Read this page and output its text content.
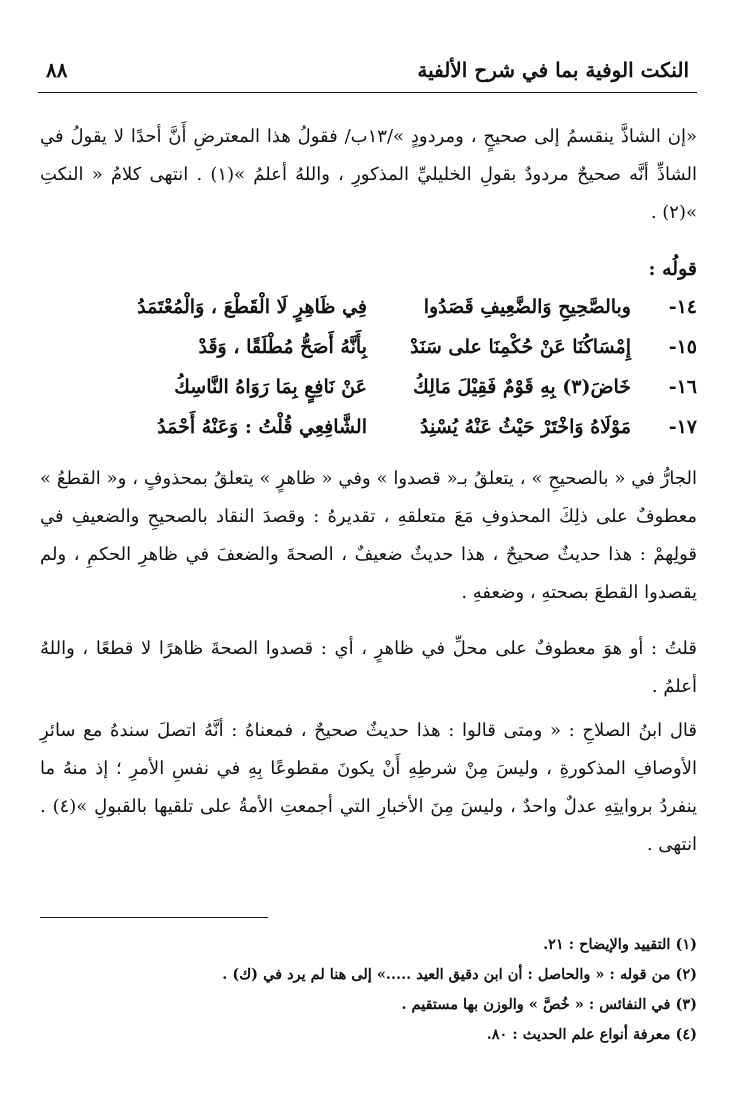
النكت الوفية بما في شرح الألفية
٨٨
«إن الشاذَّ ينقسمُ إلى صحيحٍ ، ومردودٍ »/١٣ب/ فقولُ هذا المعترضِ أَنَّ أحدًا لا يقولُ في الشاذِّ أنَّه صحيحٌ مردودٌ بقولِ الخليليِّ المذكورِ ، واللهُ أعلمُ »(١) . انتهى كلامُ « النكتِ »(٢) .
قولُه :
١٤-
وبالصَّحِيحِ وَالضَّعِيفِ قَصَدُوا
فِي ظَاهِرٍ لَا الْقَطْعَ ، وَالْمُعْتَمَدُ
١٥-
إِمْسَاكُنَا عَنْ حُكْمِنَا على سَنَدْ
بِأَنَّهُ أَصَحُّ مُطْلَقًا ، وَقَدْ
١٦-
خَاضَ(٣) بِهِ قَوْمٌ فَقِيْلَ مَالِكُ
عَنْ نَافِعٍ بِمَا رَوَاهُ النَّاسِكُ
١٧-
مَوْلَاهُ وَاخْتَرْ حَيْثُ عَنْهُ يُسْنِدُ
الشَّافِعِي قُلْتُ : وَعَنْهُ أَحْمَدُ
الجارُّ في « بالصحيحِ » ، يتعلقُ بـ« قصدوا » وفي « ظاهرٍ » يتعلقُ بمحذوفٍ ، و« القطعُ » معطوفٌ على ذلِكَ المحذوفِ مَعَ متعلقهِ ، تقديرهُ : وقصدَ النقاد بالصحيحِ والضعيفِ في قولِهمْ : هذا حديثٌ صحيحٌ ، هذا حديثٌ ضعيفٌ ، الصحةَ والضعفَ في ظاهرِ الحكمِ ، ولم يقصدوا القطعَ بصحتهِ ، وضعفهِ .
قلتُ : أو هوَ معطوفٌ على محلِّ في ظاهرٍ ، أي : قصدوا الصحةَ ظاهرًا لا قطعًا ، واللهُ أعلمُ .
قال ابنُ الصلاحِ : « ومتى قالوا : هذا حديثٌ صحيحٌ ، فمعناهُ : أنَّهُ اتصلَ سندهُ مع سائرِ الأوصافِ المذكورةِ ، وليسَ مِنْ شرطِهِ أَنْ يكونَ مقطوعًا بِهِ في نفسِ الأمرِ ؛ إذ منهُ ما ينفردُ بروايتِهِ عدلٌ واحدٌ ، وليسَ مِنَ الأخبارِ التي أجمعتِ الأمةُ على تلقيها بالقبولِ »(٤) . انتهى .
(١) التقييد والإيضاح : ٢١.
(٢) من قوله : « والحاصل : أن ابن دقيق العيد .....» إلى هنا لم يرد في (ك) .
(٣) في النفائس : « خُصَّ » والوزن بها مستقيم .
(٤) معرفة أنواع علم الحديث : ٨٠.
